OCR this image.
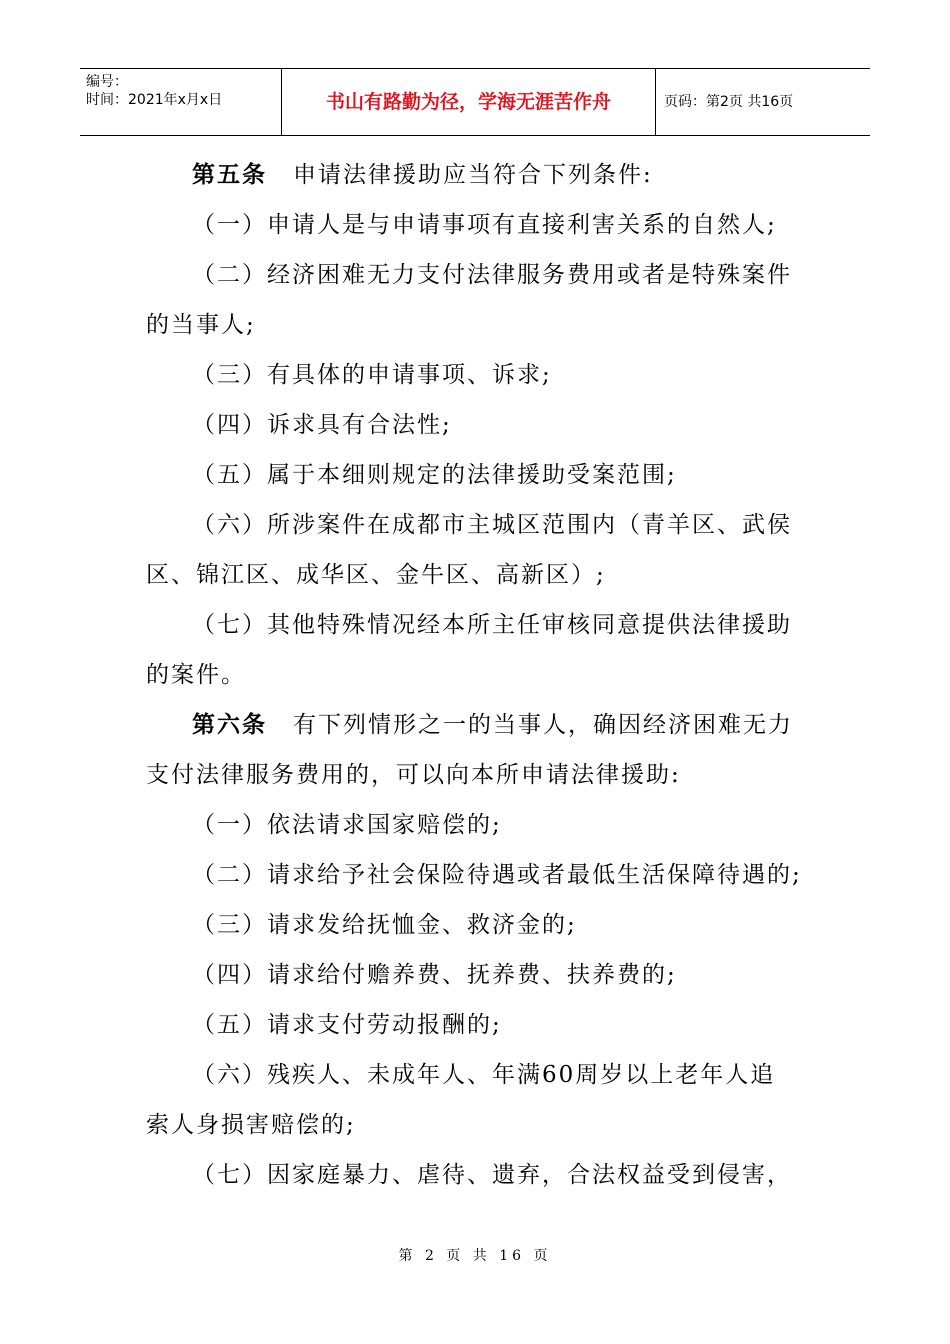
编号：
时间：2021年x月x日	书山有路勤为径，学海无涯苦作舟	页码：第2页 共16页

第五条 申请法律援助应当符合下列条件:

（一）申请人是与申请事项有直接利害关系的自然人;

（二）经济困难无力支付法律服务费用或者是特殊案件

的当事人;

（三）有具体的申请事项、诉求;

（四）诉求具有合法性;

（五）属于本细则规定的法律援助受案范围;

（六）所涉案件在成都市主城区范围内（青羊区、武侯

区、锦江区、成华区、金牛区、高新区）;

（七）其他特殊情况经本所主任审核同意提供法律援助

的案件。

第六条 有下列情形之一的当事人，确因经济困难无力

支付法律服务费用的，可以向本所申请法律援助:

（一）依法请求国家赔偿的;

（二）请求给予社会保险待遇或者最低生活保障待遇的;

（三）请求发给抚恤金、救济金的;

（四）请求给付赡养费、抚养费、扶养费的;

（五）请求支付劳动报酬的;

（六）残疾人、未成年人、年满60周岁以上老年人追

索人身损害赔偿的;

（七）因家庭暴力、虐待、遗弃，合法权益受到侵害，

第 2 页 共 16 页
